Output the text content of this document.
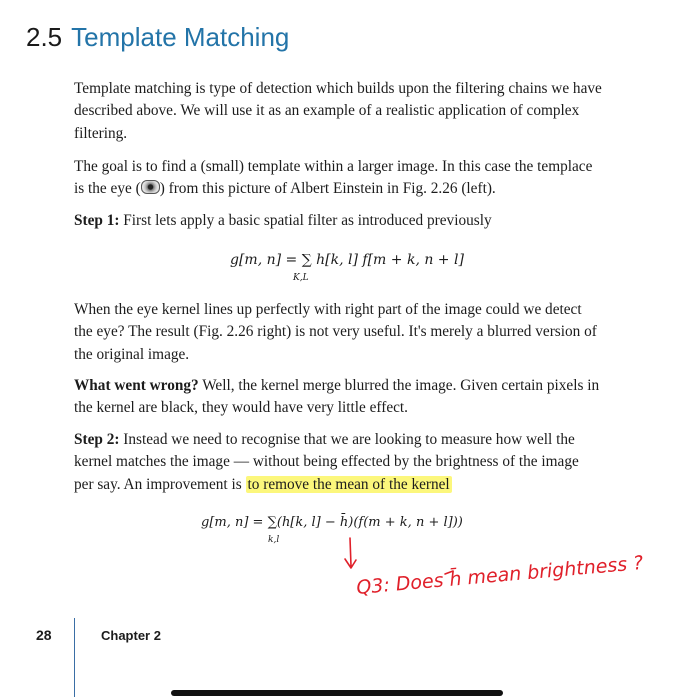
2.5 Template Matching

Template matching is type of detection which builds upon the filtering chains we have described above. We will use it as an example of a realistic application of complex filtering.

The goal is to find a (small) template within a larger image. In this case the templace is the eye ( ) from this picture of Albert Einstein in Fig. 2.26 (left).

Step 1: First lets apply a basic spatial filter as introduced previously

g[m, n] = ∑ h[k, l] f[m + k, n + l]
K,L

When the eye kernel lines up perfectly with right part of the image could we detect the eye? The result (Fig. 2.26 right) is not very useful. It's merely a blurred version of the original image.

What went wrong? Well, the kernel merge blurred the image. Given certain pixels in the kernel are black, they would have very little effect.

Step 2: Instead we need to recognise that we are looking to measure how well the kernel matches the image — without being effected by the brightness of the image per say. An improvement is to remove the mean of the kernel

g[m, n] = ∑(h[k, l] − h̄)(f(m + k, n + l]))
k,l
Q3: Does h̄ mean brightness ?
28	Chapter 2
